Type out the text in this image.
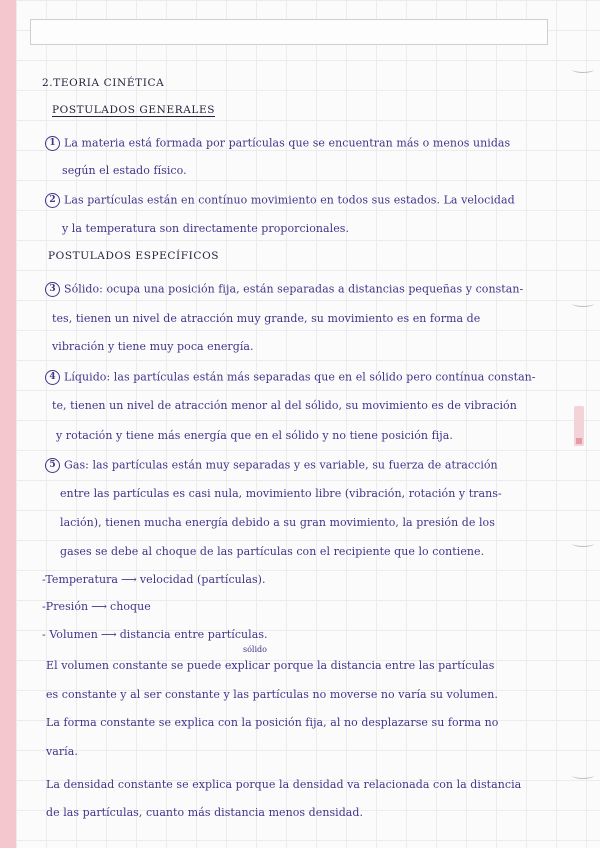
2.TEORIA CINÉTICA

POSTULADOS GENERALES

1 La materia está formada por partículas que se encuentran más o menos unidas

según el estado físico.

2 Las partículas están en contínuo movimiento en todos sus estados. La velocidad

y la temperatura son directamente proporcionales.

POSTULADOS ESPECÍFICOS

3 Sólido: ocupa una posición fija, están separadas a distancias pequeñas y constan-

tes, tienen un nivel de atracción muy grande, su movimiento es en forma de

vibración y tiene muy poca energía.

4 Líquido: las partículas están más separadas que en el sólido pero contínua constan-

te, tienen un nivel de atracción menor al del sólido, su movimiento es de vibración

y rotación y tiene más energía que en el sólido y no tiene posición fija.

5 Gas: las partículas están muy separadas y es variable, su fuerza de atracción

entre las partículas es casi nula, movimiento libre (vibración, rotación y trans-

lación), tienen mucha energía debido a su gran movimiento, la presión de los

gases se debe al choque de las partículas con el recipiente que lo contiene.

-Temperatura ⟶ velocidad (partículas).

-Presión ⟶ choque

- Volumen ⟶ distancia entre partículas.

sólido

El volumen constante se puede explicar porque la distancia entre las partículas

es constante y al ser constante y las partículas no moverse no varía su volumen.

La forma constante se explica con la posición fija, al no desplazarse su forma no

varía.

La densidad constante se explica porque la densidad va relacionada con la distancia

de las partículas, cuanto más distancia menos densidad.
